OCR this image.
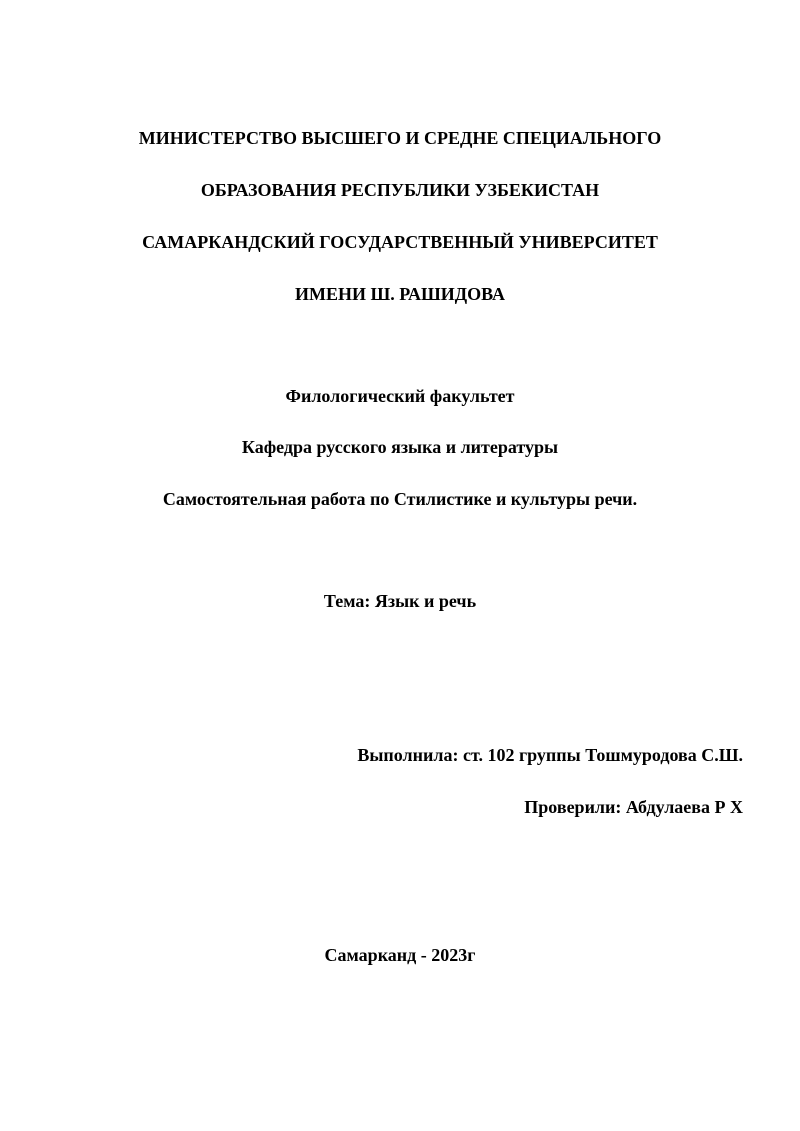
МИНИСТЕРСТВО ВЫСШЕГО И СРЕДНЕ СПЕЦИАЛЬНОГО
ОБРАЗОВАНИЯ РЕСПУБЛИКИ УЗБЕКИСТАН
САМАРКАНДСКИЙ ГОСУДАРСТВЕННЫЙ УНИВЕРСИТЕТ
ИМЕНИ Ш. РАШИДОВА
Филологический факультет
Кафедра русского языка и литературы
Самостоятельная работа по Стилистике и культуры речи.
Тема: Язык и речь
Выполнила: ст. 102 группы Тошмуродова С.Ш.
Проверили: Абдулаева Р Х
Самарканд - 2023г
